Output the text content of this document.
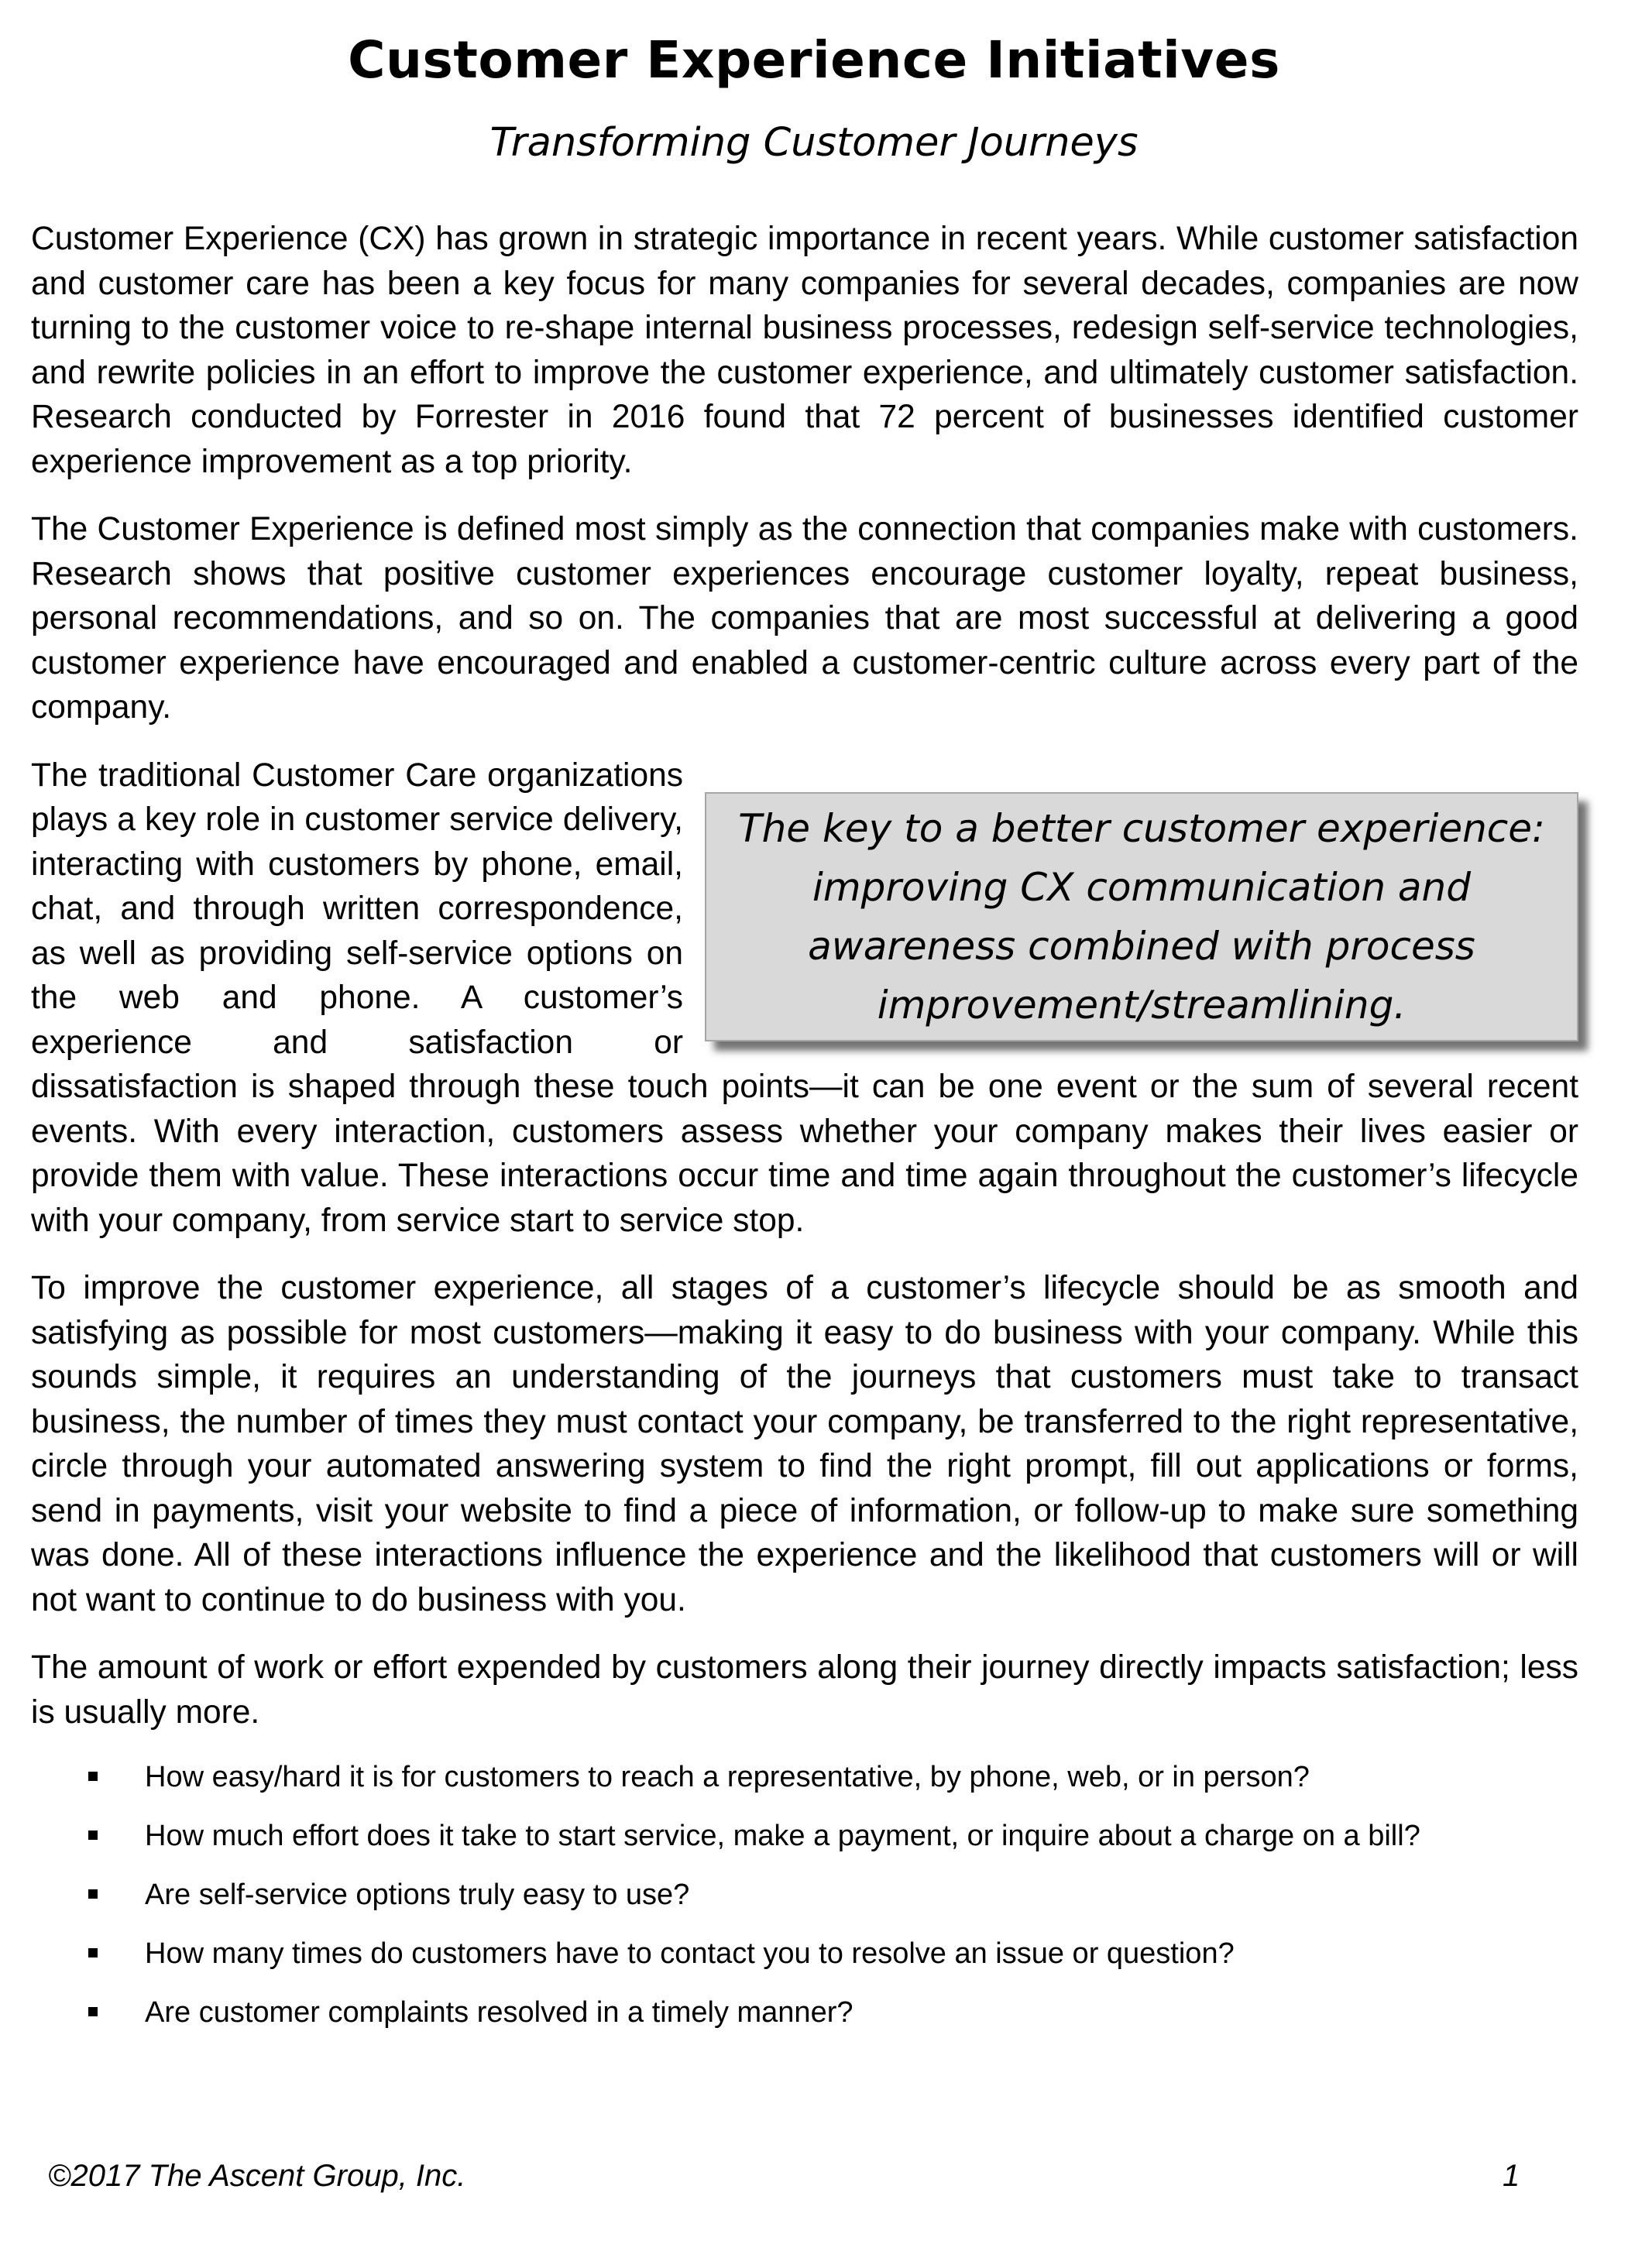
Customer Experience Initiatives
Transforming Customer Journeys

Customer Experience (CX) has grown in strategic importance in recent years. While customer satisfaction and customer care has been a key focus for many companies for several decades, companies are now turning to the customer voice to re-shape internal business processes, redesign self-service technologies, and rewrite policies in an effort to improve the customer experience, and ultimately customer satisfaction. Research conducted by Forrester in 2016 found that 72 percent of businesses identified customer experience improvement as a top priority.

The Customer Experience is defined most simply as the connection that companies make with customers. Research shows that positive customer experiences encourage customer loyalty, repeat business, personal recommendations, and so on. The companies that are most successful at delivering a good customer experience have encouraged and enabled a customer-centric culture across every part of the company.

The key to a better customer experience: improving CX communication and awareness combined with process improvement/streamlining.

The traditional Customer Care organizations plays a key role in customer service delivery, interacting with customers by phone, email, chat, and through written correspondence, as well as providing self-service options on the web and phone. A customer’s experience and satisfaction or dissatisfaction is shaped through these touch points—it can be one event or the sum of several recent events. With every interaction, customers assess whether your company makes their lives easier or provide them with value. These interactions occur time and time again throughout the customer’s lifecycle with your company, from service start to service stop.

To improve the customer experience, all stages of a customer’s lifecycle should be as smooth and satisfying as possible for most customers—making it easy to do business with your company. While this sounds simple, it requires an understanding of the journeys that customers must take to transact business, the number of times they must contact your company, be transferred to the right representative, circle through your automated answering system to find the right prompt, fill out applications or forms, send in payments, visit your website to find a piece of information, or follow-up to make sure something was done. All of these interactions influence the experience and the likelihood that customers will or will not want to continue to do business with you.

The amount of work or effort expended by customers along their journey directly impacts satisfaction; less is usually more.

How easy/hard it is for customers to reach a representative, by phone, web, or in person?
How much effort does it take to start service, make a payment, or inquire about a charge on a bill?
Are self-service options truly easy to use?
How many times do customers have to contact you to resolve an issue or question?
Are customer complaints resolved in a timely manner?
©2017 The Ascent Group, Inc.	1
